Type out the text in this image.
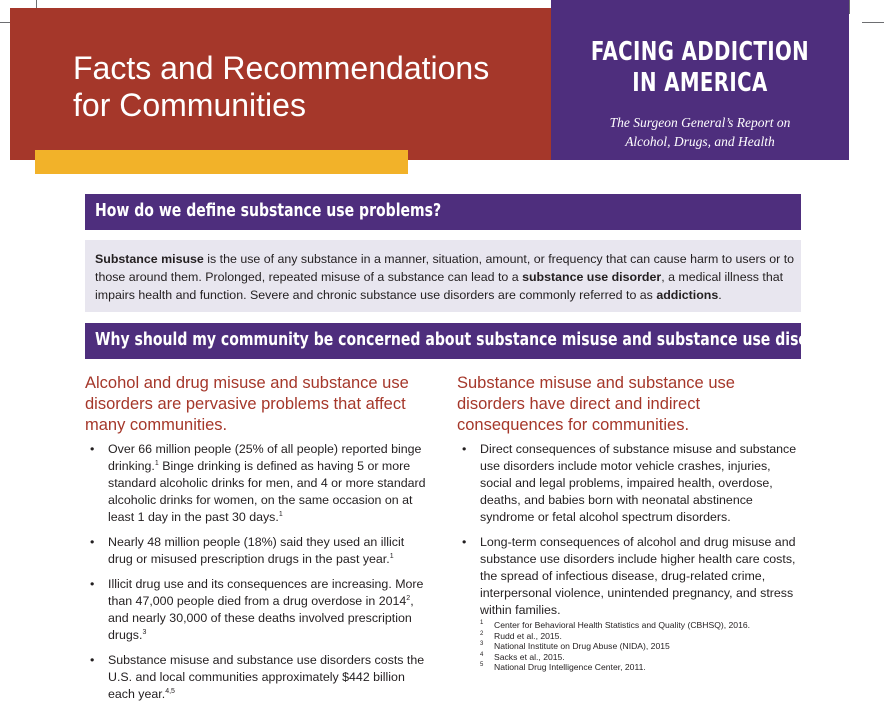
Facts and Recommendations
for Communities
FACING ADDICTION
IN AMERICA
The Surgeon General’s Report on
Alcohol, Drugs, and Health
How do we define substance use problems?
Substance misuse is the use of any substance in a manner, situation, amount, or frequency that can cause harm to users or to those around them. Prolonged, repeated misuse of a substance can lead to a substance use disorder, a medical illness that impairs health and function. Severe and chronic substance use disorders are commonly referred to as addictions.
Why should my community be concerned about substance misuse and substance use disorders?
Alcohol and drug misuse and substance use disorders are pervasive problems that affect many communities.
• Over 66 million people (25% of all people) reported binge drinking.$^1$ Binge drinking is defined as having 5 or more standard alcoholic drinks for men, and 4 or more standard alcoholic drinks for women, on the same occasion on at least 1 day in the past 30 days.$^1$
• Nearly 48 million people (18%) said they used an illicit drug or misused prescription drugs in the past year.$^1$
• Illicit drug use and its consequences are increasing. More than 47,000 people died from a drug overdose in 2014$^2$, and nearly 30,000 of these deaths involved prescription drugs.$^3$
• Substance misuse and substance use disorders costs the U.S. and local communities approximately $442 billion each year.$^{4,5}$
Substance misuse and substance use disorders have direct and indirect consequences for communities.
• Direct consequences of substance misuse and substance use disorders include motor vehicle crashes, injuries, social and legal problems, impaired health, overdose, deaths, and babies born with neonatal abstinence syndrome or fetal alcohol spectrum disorders.
• Long-term consequences of alcohol and drug misuse and substance use disorders include higher health care costs, the spread of infectious disease, drug-related crime, interpersonal violence, unintended pregnancy, and stress within families.
1 Center for Behavioral Health Statistics and Quality (CBHSQ), 2016.
2 Rudd et al., 2015.
3 National Institute on Drug Abuse (NIDA), 2015
4 Sacks et al., 2015.
5 National Drug Intelligence Center, 2011.
